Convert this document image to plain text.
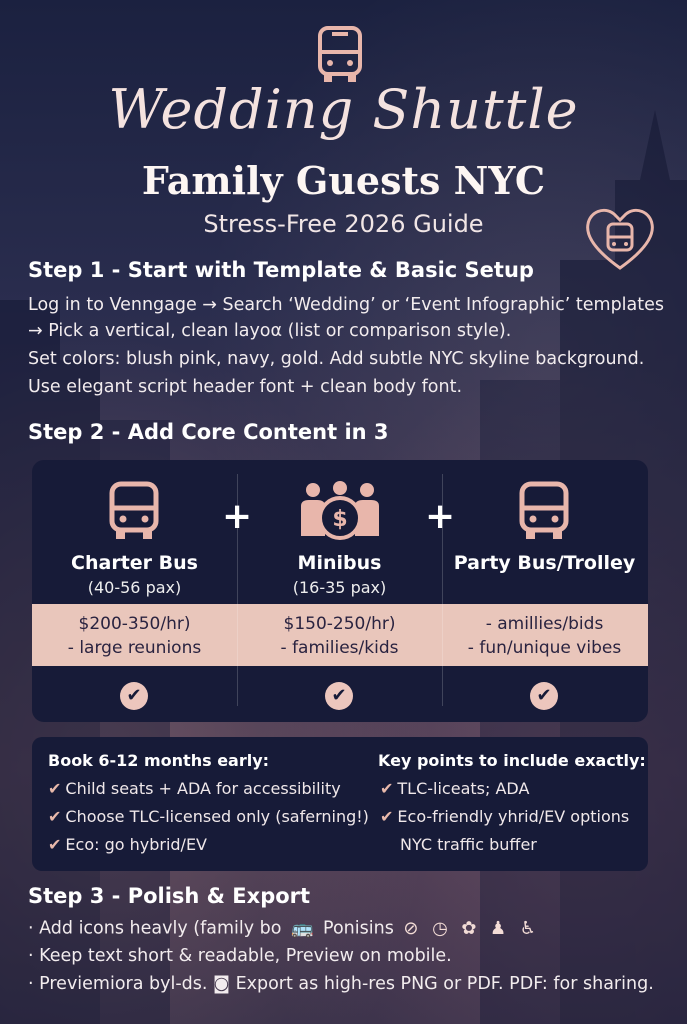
Wedding Shuttle
Family Guests NYC
Stress-Free 2026 Guide
Step 1 - Start with Template & Basic Setup
Log in to Venngage → Search ‘Wedding’ or ‘Event Infographic’ templates
→ Pick a vertical, clean layoα (list or comparison style).
Set colors: blush pink, navy, gold. Add subtle NYC skyline background.
Use elegant script header font + clean body font.
Step 2 - Add Core Content in 3
+	+
Charter Bus
(40-56 pax)
$200-350/hr)
- large reunions
✔
$
Minibus
(16-35 pax)
$150-250/hr)
- families/kids
✔
Party Bus/Trolley
- amillies/bids
- fun/unique vibes
✔
Book 6-12 months early:
✔ Child seats + ADA for accessibility
✔ Choose TLC-licensed only (saferning!)
✔ Eco: go hybrid/EV
Key points to include exactly:
✔ TLC-liceats; ADA
✔ Eco-friendly yhrid/EV options
NYC traffic buffer
Step 3 - Polish & Export
· Add icons heavly (family bo 🚌 Ponisins ⊘ ◷ ✿ ♟ ♿
· Keep text short & readable, Preview on mobile.
· Previemiora byl-ds. ◙ Export as high-res PNG or PDF. PDF: for sharing.
